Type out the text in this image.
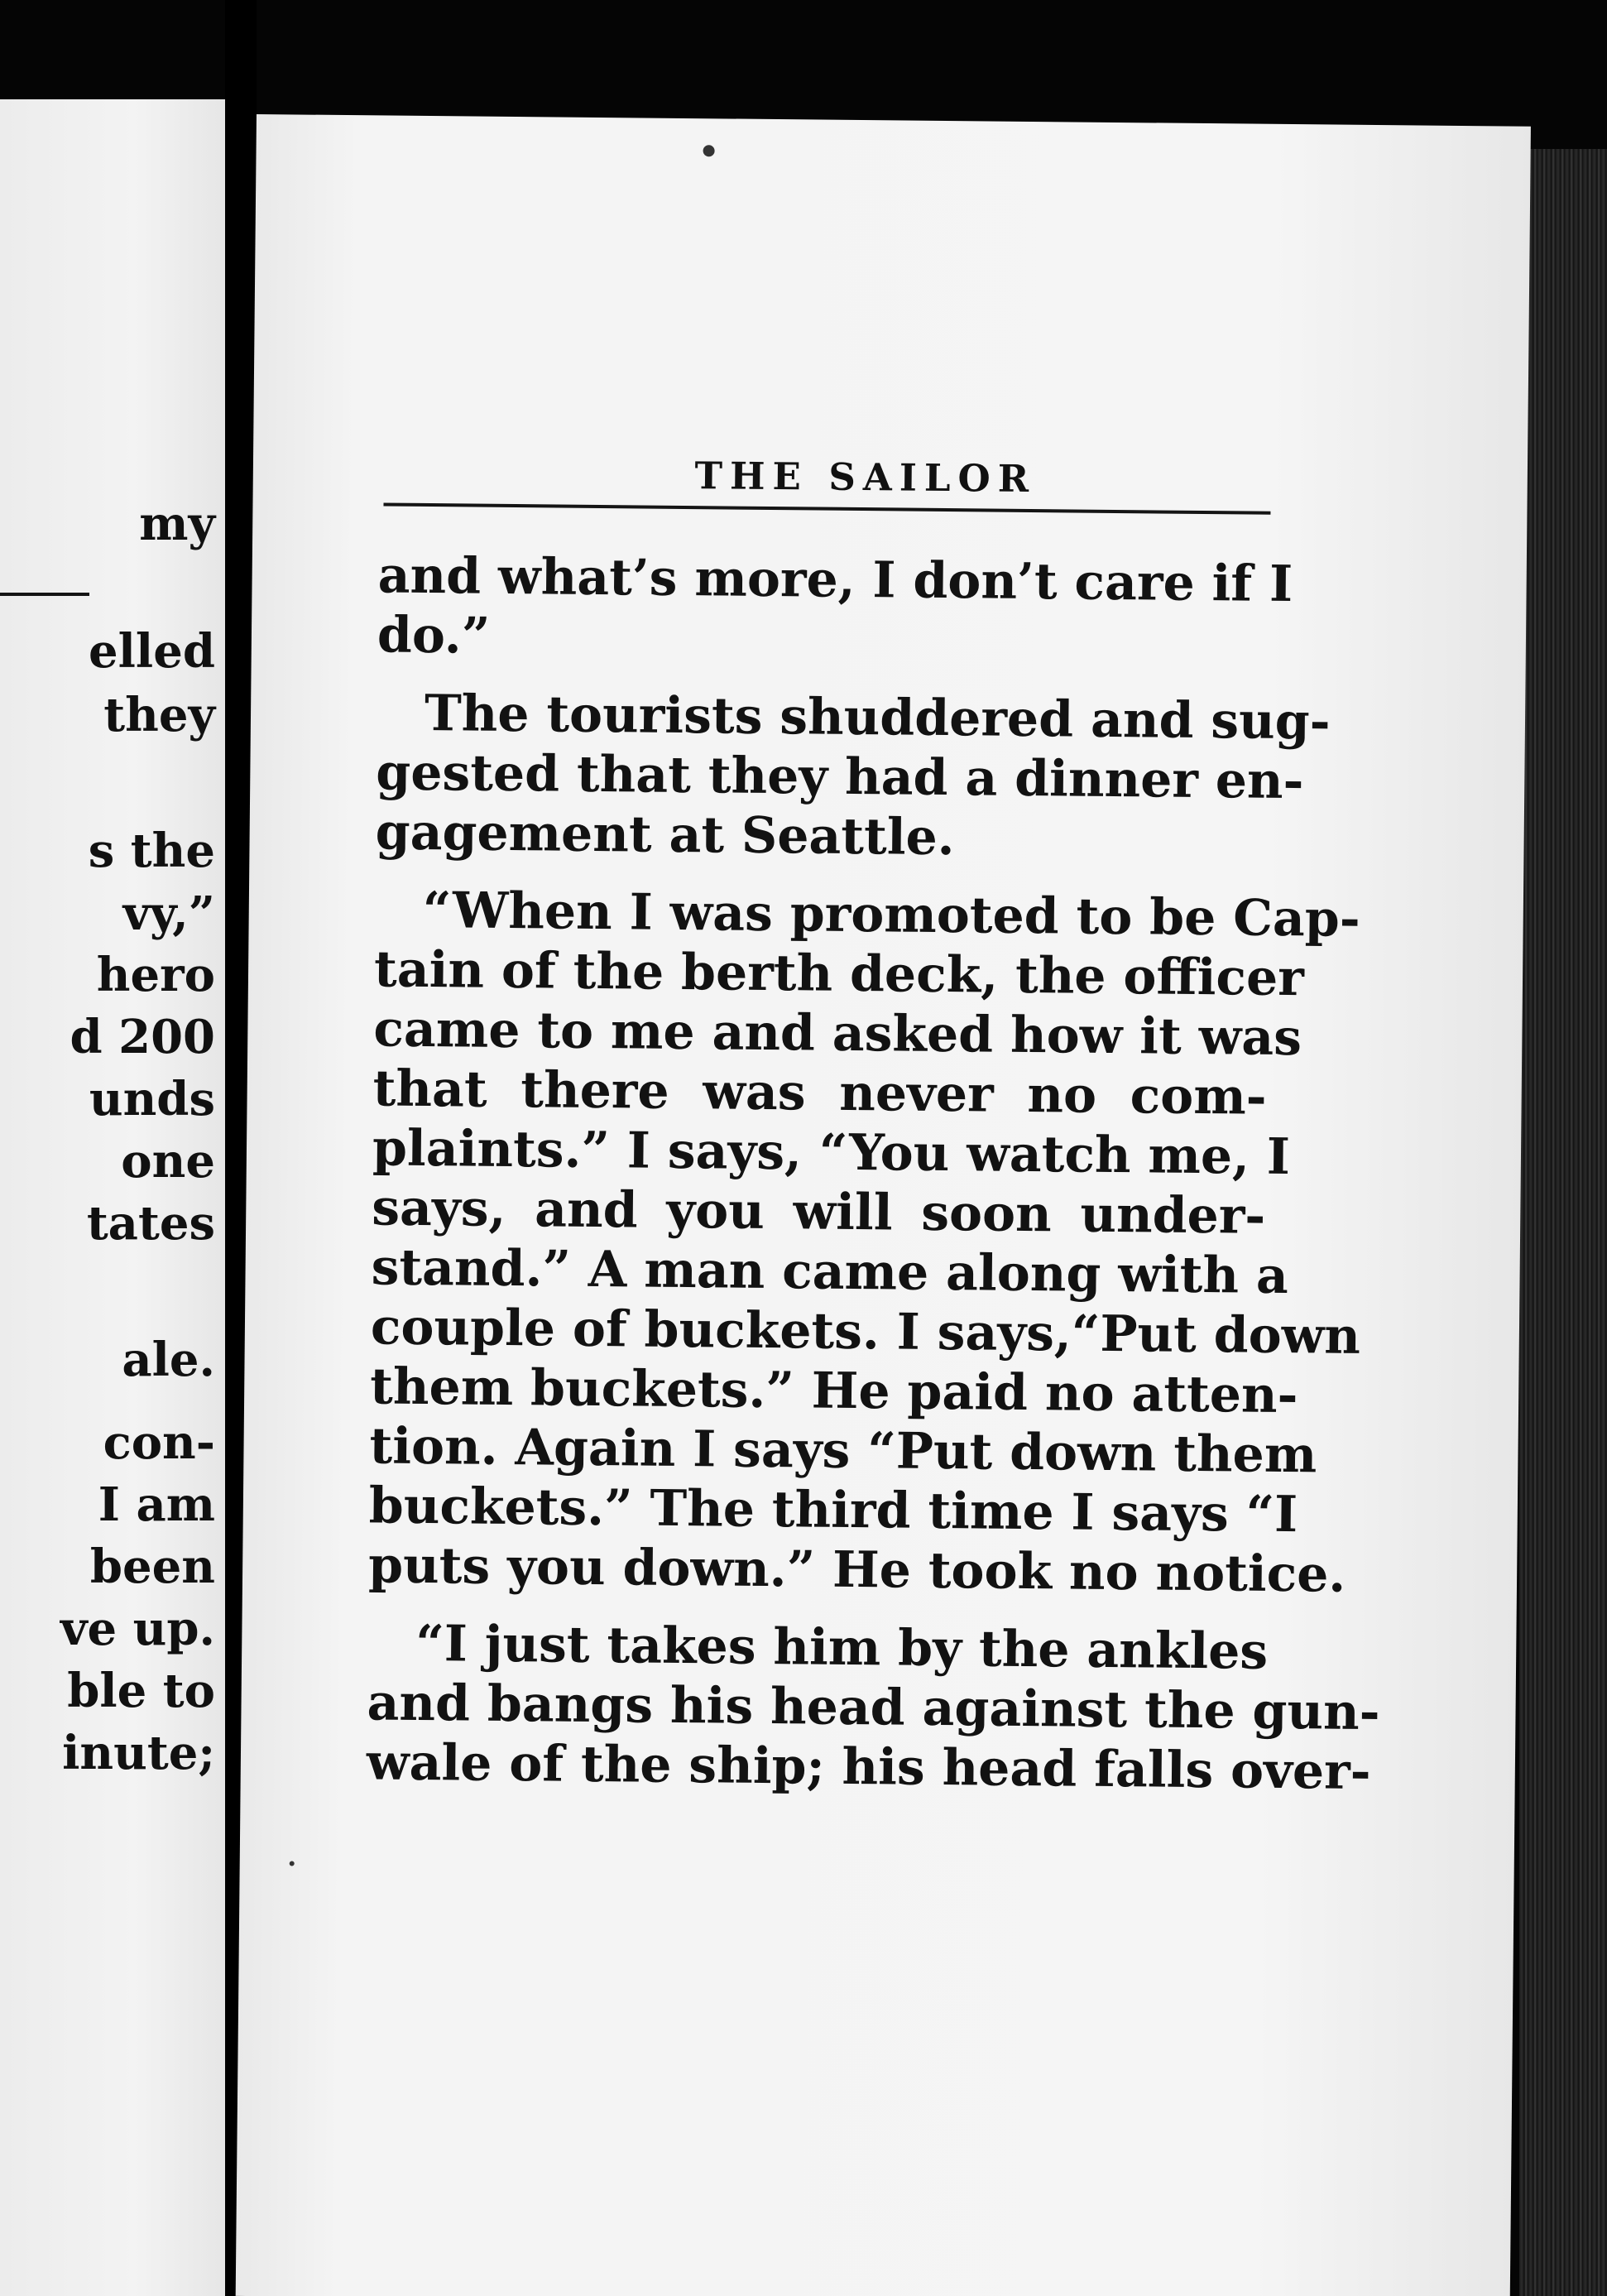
my
elled
they
s the
vy,”
hero
d 200
unds
one
tates
ale.
con-
I am
been
ve up.
ble to
inute;
THE SAILOR
and what’s more, I don’t care if I
do.”
The tourists shuddered and sug-
gested that they had a dinner en-
gagement at Seattle.
“When I was promoted to be Cap-
tain of the berth deck, the officer
came to me and asked how it was
that there was never no com-
plaints.” I says, “You watch me, I
says, and you will soon under-
stand.” A man came along with a
couple of buckets. I says,“Put down
them buckets.” He paid no atten-
tion. Again I says “Put down them
buckets.” The third time I says “I
puts you down.” He took no notice.
“I just takes him by the ankles
and bangs his head against the gun-
wale of the ship; his head falls over-
